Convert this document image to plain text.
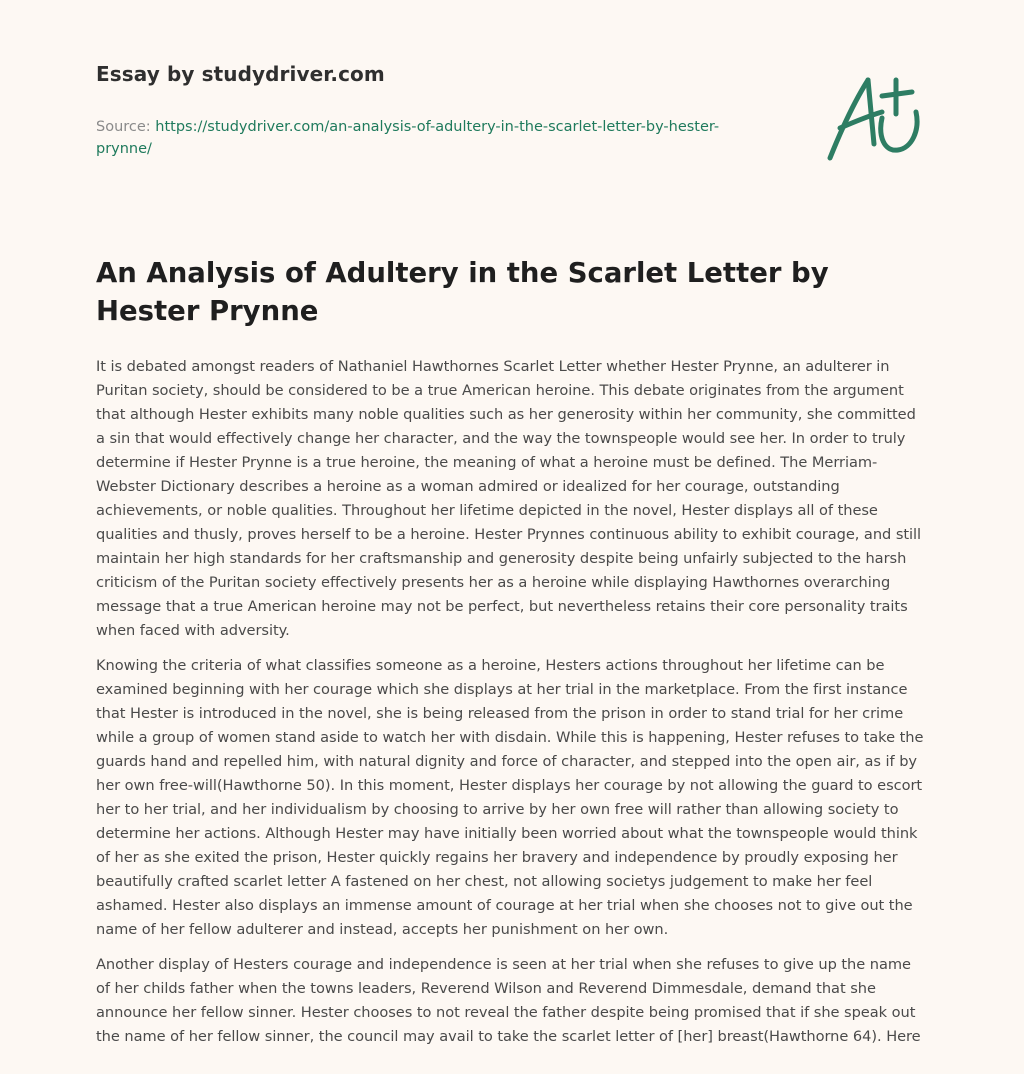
Essay by studydriver.com

Source: https://studydriver.com/an-analysis-of-adultery-in-the-scarlet-letter-by-hester-prynne/

An Analysis of Adultery in the Scarlet Letter by Hester Prynne

It is debated amongst readers of Nathaniel Hawthornes Scarlet Letter whether Hester Prynne, an adulterer in Puritan society, should be considered to be a true American heroine. This debate originates from the argument that although Hester exhibits many noble qualities such as her generosity within her community, she committed a sin that would effectively change her character, and the way the townspeople would see her. In order to truly determine if Hester Prynne is a true heroine, the meaning of what a heroine must be defined. The Merriam-Webster Dictionary describes a heroine as a woman admired or idealized for her courage, outstanding achievements, or noble qualities. Throughout her lifetime depicted in the novel, Hester displays all of these qualities and thusly, proves herself to be a heroine. Hester Prynnes continuous ability to exhibit courage, and still maintain her high standards for her craftsmanship and generosity despite being unfairly subjected to the harsh criticism of the Puritan society effectively presents her as a heroine while displaying Hawthornes overarching message that a true American heroine may not be perfect, but nevertheless retains their core personality traits when faced with adversity.

Knowing the criteria of what classifies someone as a heroine, Hesters actions throughout her lifetime can be examined beginning with her courage which she displays at her trial in the marketplace. From the first instance that Hester is introduced in the novel, she is being released from the prison in order to stand trial for her crime while a group of women stand aside to watch her with disdain. While this is happening, Hester refuses to take the guards hand and repelled him, with natural dignity and force of character, and stepped into the open air, as if by her own free-will(Hawthorne 50). In this moment, Hester displays her courage by not allowing the guard to escort her to her trial, and her individualism by choosing to arrive by her own free will rather than allowing society to determine her actions. Although Hester may have initially been worried about what the townspeople would think of her as she exited the prison, Hester quickly regains her bravery and independence by proudly exposing her beautifully crafted scarlet letter A fastened on her chest, not allowing societys judgement to make her feel ashamed. Hester also displays an immense amount of courage at her trial when she chooses not to give out the name of her fellow adulterer and instead, accepts her punishment on her own.

Another display of Hesters courage and independence is seen at her trial when she refuses to give up the name of her childs father when the towns leaders, Reverend Wilson and Reverend Dimmesdale, demand that she announce her fellow sinner. Hester chooses to not reveal the father despite being promised that if she speak out the name of her fellow sinner, the council may avail to take the scarlet letter of [her] breast(Hawthorne 64). Here
